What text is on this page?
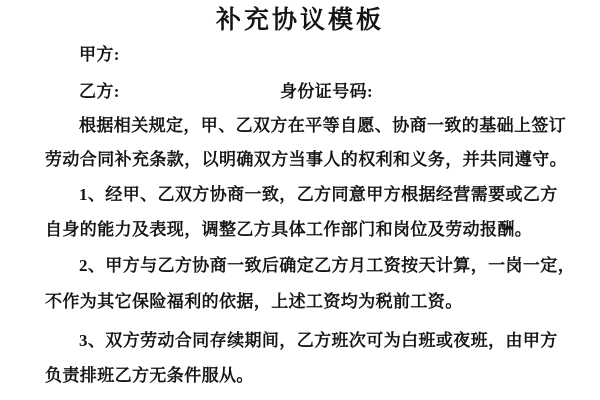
补充协议模板
甲方:
乙方:	身份证号码:
根据相关规定，甲、乙双方在平等自愿、协商一致的基础上签订
劳动合同补充条款，以明确双方当事人的权利和义务，并共同遵守。
1、经甲、乙双方协商一致，乙方同意甲方根据经营需要或乙方
自身的能力及表现，调整乙方具体工作部门和岗位及劳动报酬。
2、甲方与乙方协商一致后确定乙方月工资按天计算，一岗一定，
不作为其它保险福利的依据，上述工资均为税前工资。
3、双方劳动合同存续期间，乙方班次可为白班或夜班，由甲方
负责排班乙方无条件服从。
